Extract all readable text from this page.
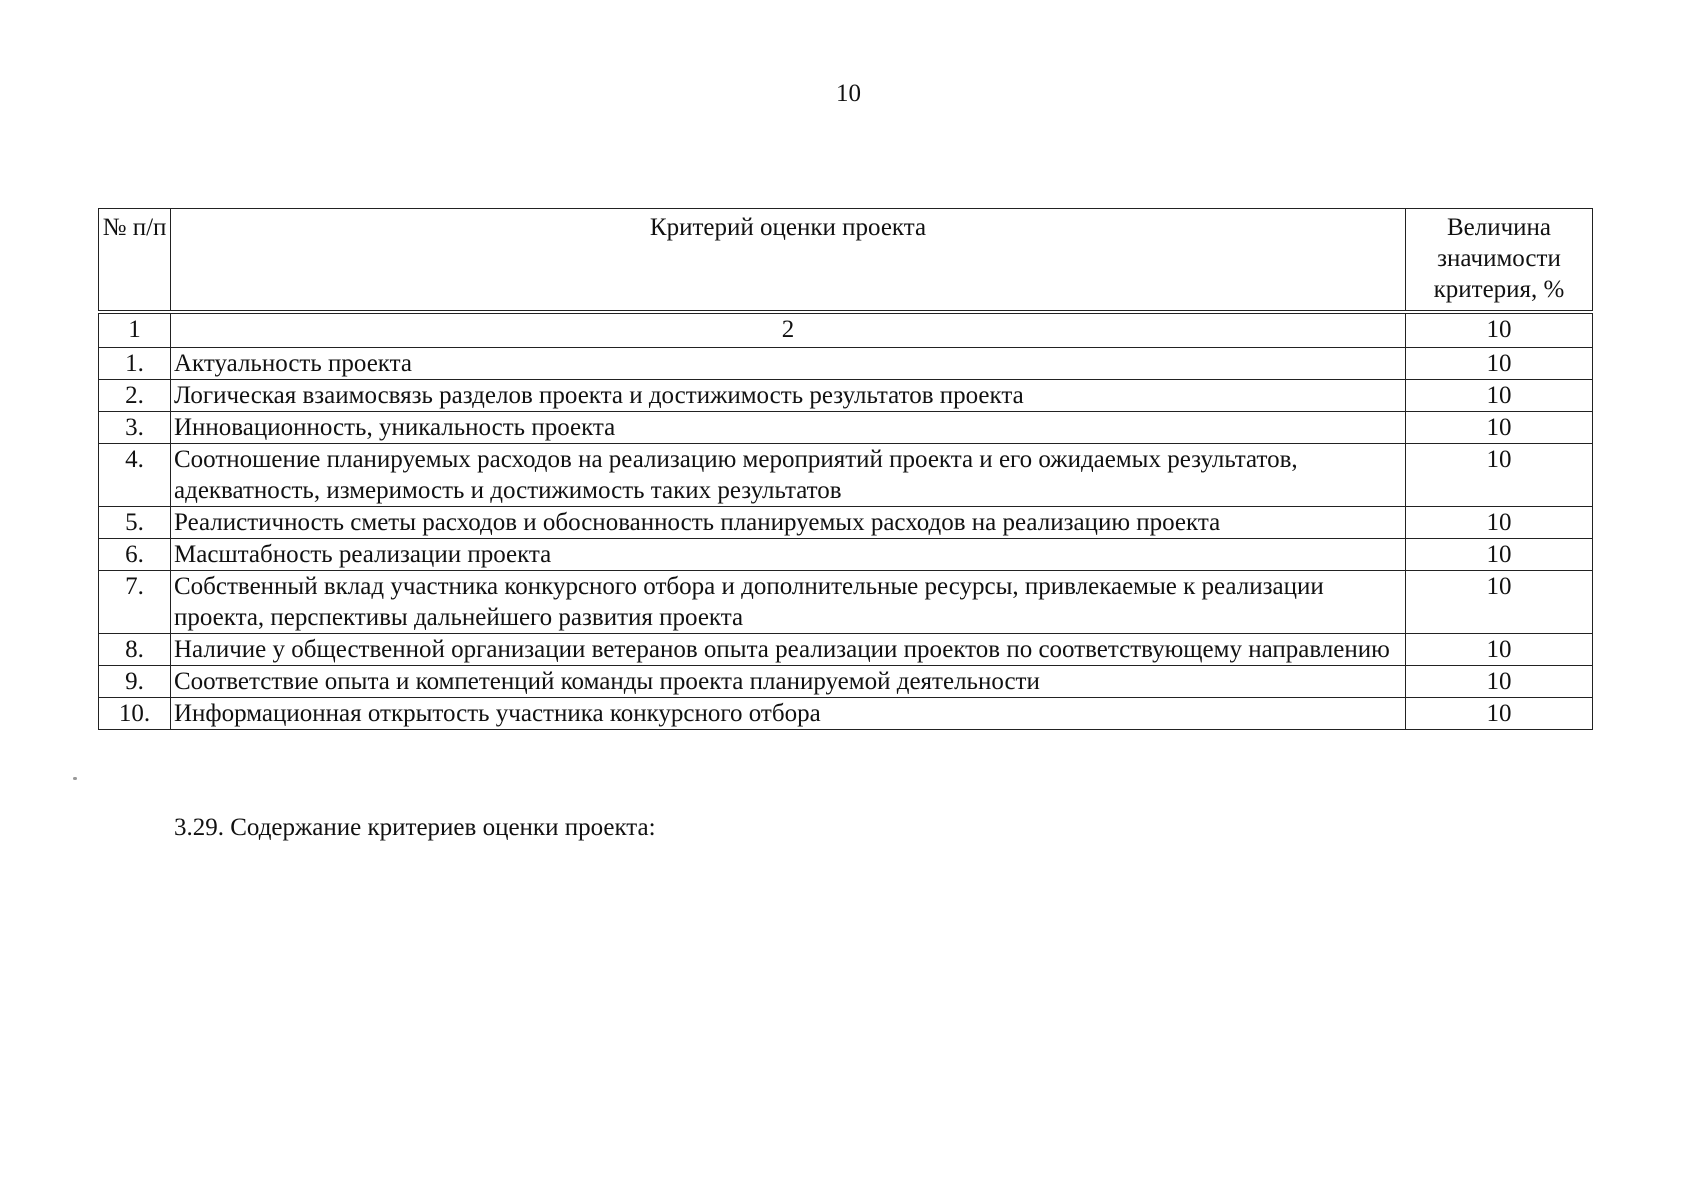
10
№ п/п	Критерий оценки проекта	Величина значимости критерия, %
1	2	10
1.	Актуальность проекта	10
2.	Логическая взаимосвязь разделов проекта и достижимость результатов проекта	10
3.	Инновационность, уникальность проекта	10
4.	Соотношение планируемых расходов на реализацию мероприятий проекта и его ожидаемых результатов, адекватность, измеримость и достижимость таких результатов	10
5.	Реалистичность сметы расходов и обоснованность планируемых расходов на реализацию проекта	10
6.	Масштабность реализации проекта	10
7.	Собственный вклад участника конкурсного отбора и дополнительные ресурсы, привлекаемые к реализации проекта, перспективы дальнейшего развития проекта	10
8.	Наличие у общественной организации ветеранов опыта реализации проектов по соответствующему направлению	10
9.	Соответствие опыта и компетенций команды проекта планируемой деятельности	10
10.	Информационная открытость участника конкурсного отбора	10
3.29. Содержание критериев оценки проекта:
